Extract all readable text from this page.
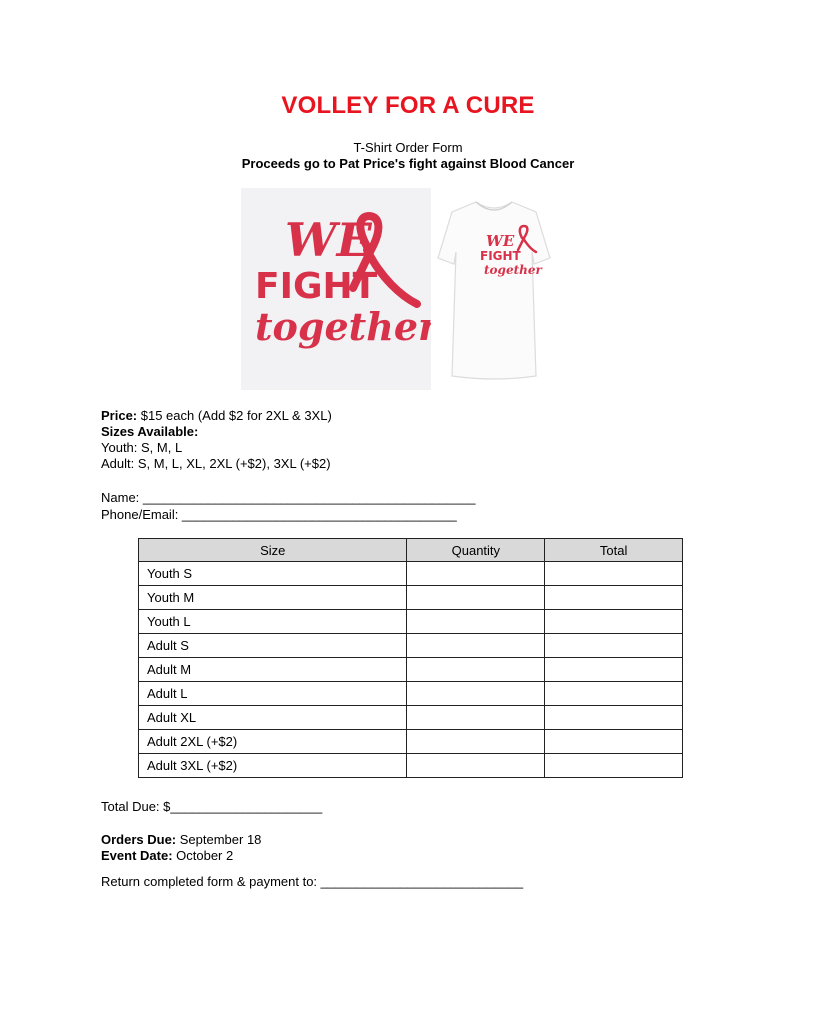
VOLLEY FOR A CURE
T-Shirt Order Form
Proceeds go to Pat Price's fight against Blood Cancer
WE
FIGHT
together
WE
FIGHT
together
Price: $15 each (Add $2 for 2XL & 3XL)
Sizes Available:
Youth: S, M, L
Adult: S, M, L, XL, 2XL (+$2), 3XL (+$2)
Name: ______________________________________________
Phone/Email: ______________________________________
Size	Quantity	Total
Youth S		
Youth M		
Youth L		
Adult S		
Adult M		
Adult L		
Adult XL		
Adult 2XL (+$2)		
Adult 3XL (+$2)		
Total Due: $_____________________
Orders Due: September 18
Event Date: October 2
Return completed form & payment to: ____________________________
